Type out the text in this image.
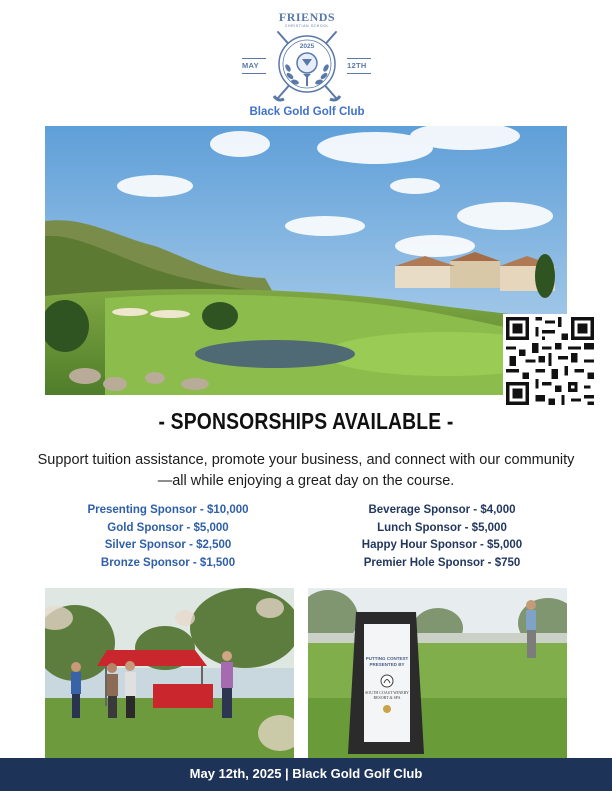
FRIENDS
CHRISTIAN SCHOOL
MAY	12TH
2025
Black Gold Golf Club
- SPONSORSHIPS AVAILABLE -
Support tuition assistance, promote your business, and connect with our community—all while enjoying a great day on the course.
Presenting Sponsor - $10,000
Gold Sponsor - $5,000
Silver Sponsor - $2,500
Bronze Sponsor - $1,500
Beverage Sponsor - $4,000
Lunch Sponsor - $5,000
Happy Hour Sponsor - $5,000
Premier Hole Sponsor - $750
PUTTING CONTEST
PRESENTED BY
SOUTH COAST WINERY
RESORT & SPA
May 12th, 2025 | Black Gold Golf Club
